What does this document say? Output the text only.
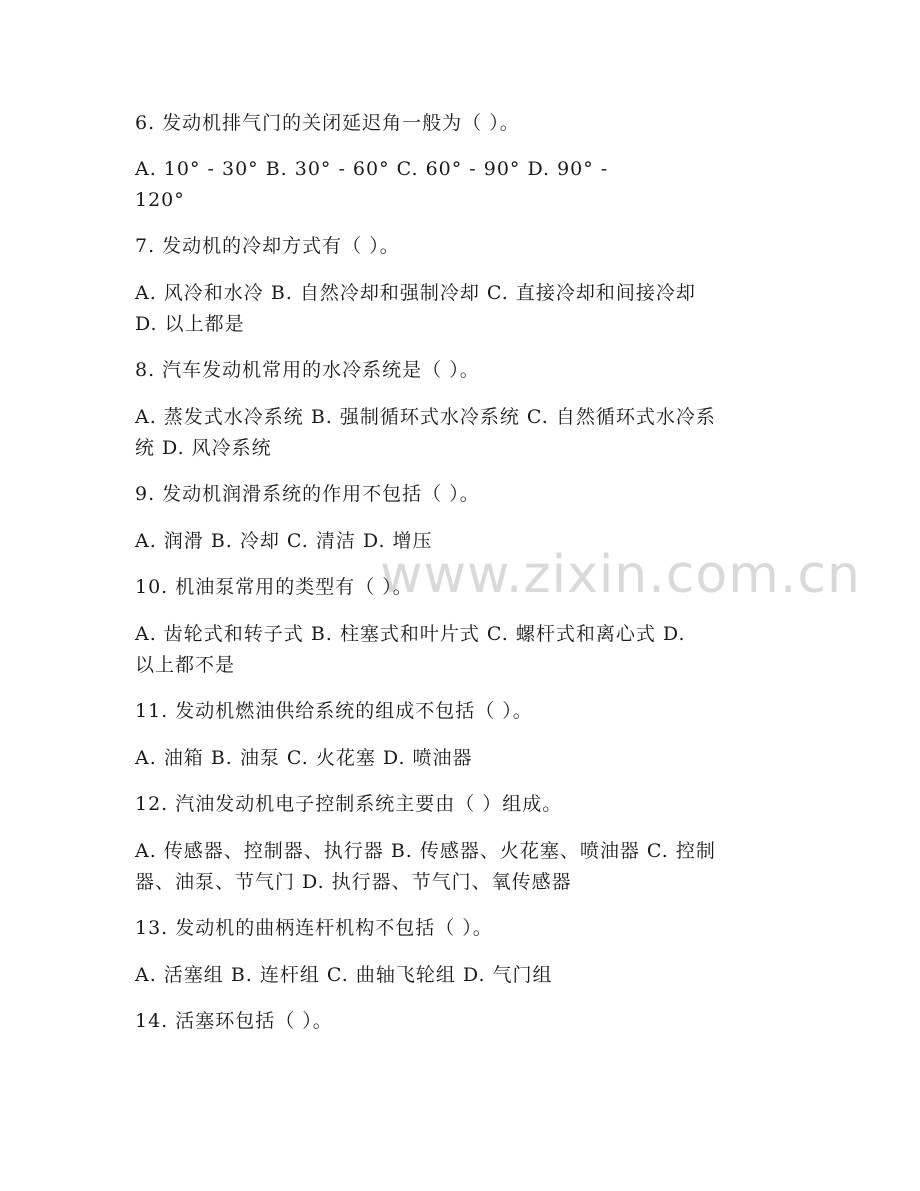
www.zixin.com.cn
6. 发动机排气门的关闭延迟角一般为（ ）。
A. 10° - 30° B. 30° - 60° C. 60° - 90° D. 90° -
120°
7. 发动机的冷却方式有（ ）。
A. 风冷和水冷 B. 自然冷却和强制冷却 C. 直接冷却和间接冷却
D. 以上都是
8. 汽车发动机常用的水冷系统是（ ）。
A. 蒸发式水冷系统 B. 强制循环式水冷系统 C. 自然循环式水冷系
统 D. 风冷系统
9. 发动机润滑系统的作用不包括（ ）。
A. 润滑 B. 冷却 C. 清洁 D. 增压
10. 机油泵常用的类型有（ ）。
A. 齿轮式和转子式 B. 柱塞式和叶片式 C. 螺杆式和离心式 D.
以上都不是
11. 发动机燃油供给系统的组成不包括（ ）。
A. 油箱 B. 油泵 C. 火花塞 D. 喷油器
12. 汽油发动机电子控制系统主要由（ ）组成。
A. 传感器、控制器、执行器 B. 传感器、火花塞、喷油器 C. 控制
器、油泵、节气门 D. 执行器、节气门、氧传感器
13. 发动机的曲柄连杆机构不包括（ ）。
A. 活塞组 B. 连杆组 C. 曲轴飞轮组 D. 气门组
14. 活塞环包括（ ）。
